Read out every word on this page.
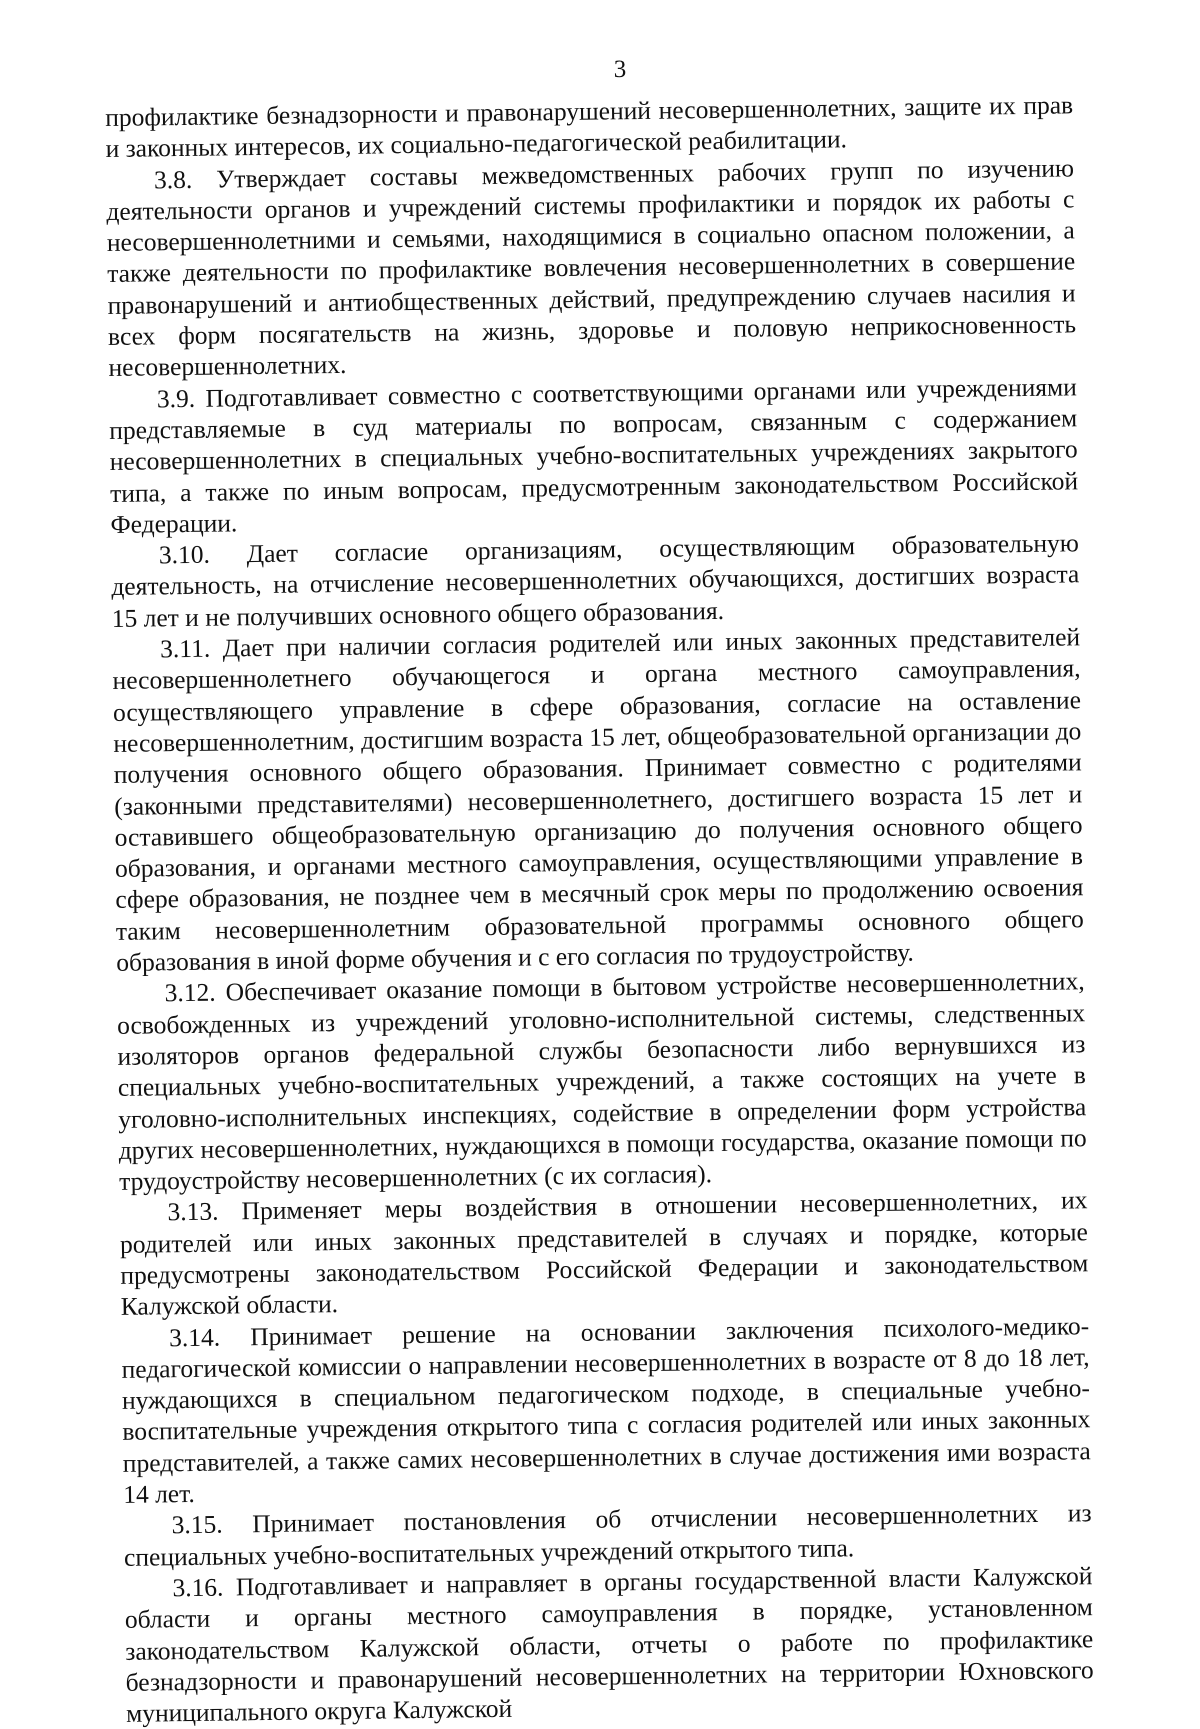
3

профилактике безнадзорности и правонарушений несовершеннолетних, защите их прав и законных интересов, их социально-педагогической реабилитации.

3.8. Утверждает составы межведомственных рабочих групп по изучению деятельности органов и учреждений системы профилактики и порядок их работы с несовершеннолетними и семьями, находящимися в социально опасном положении, а также деятельности по профилактике вовлечения несовершеннолетних в совершение правонарушений и антиобщественных действий, предупреждению случаев насилия и всех форм посягательств на жизнь, здоровье и половую неприкосновенность несовершеннолетних.

3.9. Подготавливает совместно с соответствующими органами или учреждениями представляемые в суд материалы по вопросам, связанным с содержанием несовершеннолетних в специальных учебно-воспитательных учреждениях закрытого типа, а также по иным вопросам, предусмотренным законодательством Российской Федерации.

3.10. Дает согласие организациям, осуществляющим образовательную деятельность, на отчисление несовершеннолетних обучающихся, достигших возраста 15 лет и не получивших основного общего образования.

3.11. Дает при наличии согласия родителей или иных законных представителей несовершеннолетнего обучающегося и органа местного самоуправления, осуществляющего управление в сфере образования, согласие на оставление несовершеннолетним, достигшим возраста 15 лет, общеобразовательной организации до получения основного общего образования. Принимает совместно с родителями (законными представителями) несовершеннолетнего, достигшего возраста 15 лет и оставившего общеобразовательную организацию до получения основного общего образования, и органами местного самоуправления, осуществляющими управление в сфере образования, не позднее чем в месячный срок меры по продолжению освоения таким несовершеннолетним образовательной программы основного общего образования в иной форме обучения и с его согласия по трудоустройству.

3.12. Обеспечивает оказание помощи в бытовом устройстве несовершеннолетних, освобожденных из учреждений уголовно-исполнительной системы, следственных изоляторов органов федеральной службы безопасности либо вернувшихся из специальных учебно-воспитательных учреждений, а также состоящих на учете в уголовно-исполнительных инспекциях, содействие в определении форм устройства других несовершеннолетних, нуждающихся в помощи государства, оказание помощи по трудоустройству несовершеннолетних (с их согласия).

3.13. Применяет меры воздействия в отношении несовершеннолетних, их родителей или иных законных представителей в случаях и порядке, которые предусмотрены законодательством Российской Федерации и законодательством Калужской области.

3.14. Принимает решение на основании заключения психолого-медико-педагогической комиссии о направлении несовершеннолетних в возрасте от 8 до 18 лет, нуждающихся в специальном педагогическом подходе, в специальные учебно-воспитательные учреждения открытого типа с согласия родителей или иных законных представителей, а также самих несовершеннолетних в случае достижения ими возраста 14 лет.

3.15. Принимает постановления об отчислении несовершеннолетних из специальных учебно-воспитательных учреждений открытого типа.

3.16. Подготавливает и направляет в органы государственной власти Калужской области и органы местного самоуправления в порядке, установленном законодательством Калужской области, отчеты о работе по профилактике безнадзорности и правонарушений несовершеннолетних на территории Юхновского муниципального округа Калужской
